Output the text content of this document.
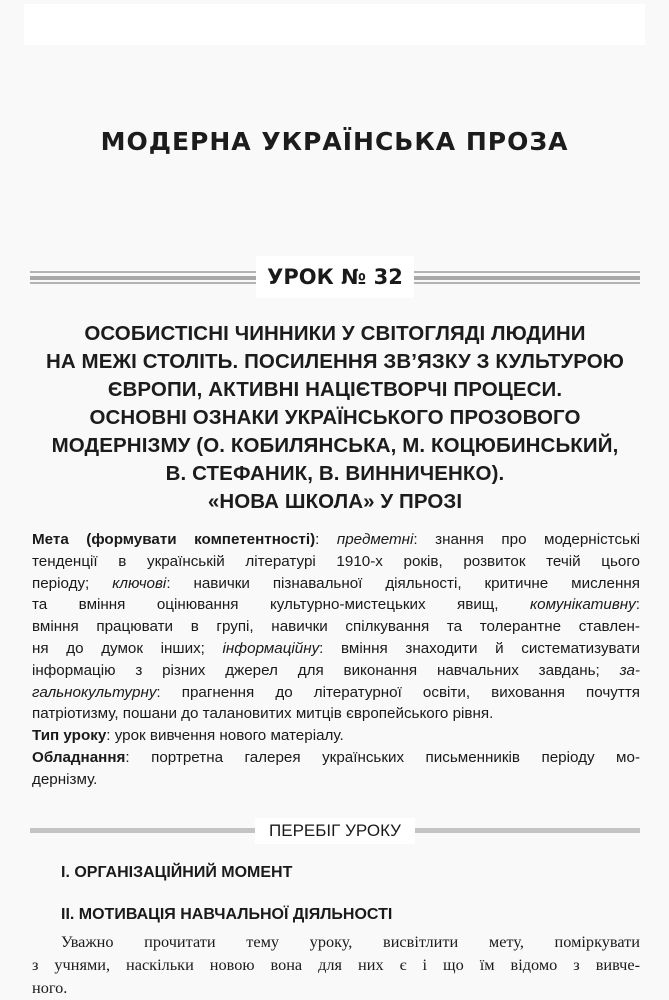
МОДЕРНА УКРАЇНСЬКА ПРОЗА
УРОК № 32
ОСОБИСТІСНІ ЧИННИКИ У СВІТОГЛЯДІ ЛЮДИНИ
НА МЕЖІ СТОЛІТЬ. ПОСИЛЕННЯ ЗВ’ЯЗКУ З КУЛЬТУРОЮ
ЄВРОПИ, АКТИВНІ НАЦІЄТВОРЧІ ПРОЦЕСИ.
ОСНОВНІ ОЗНАКИ УКРАЇНСЬКОГО ПРОЗОВОГО
МОДЕРНІЗМУ (О. КОБИЛЯНСЬКА, М. КОЦЮБИНСЬКИЙ,
В. СТЕФАНИК, В. ВИННИЧЕНКО).
«НОВА ШКОЛА» У ПРОЗІ
Мета (формувати компетентності): предметні: знання про модерністські
тенденції в українській літературі 1910-х років, розвиток течій цього
періоду; ключові: навички пізнавальної діяльності, критичне мислення
та вміння оцінювання культурно-мистецьких явищ, комунікативну:
вміння працювати в групі, навички спілкування та толерантне ставлен-
ня до думок інших; інформаційну: вміння знаходити й систематизувати
інформацію з різних джерел для виконання навчальних завдань; за-
гальнокультурну: прагнення до літературної освіти, виховання почуття
патріотизму, пошани до талановитих митців європейського рівня.
Тип уроку: урок вивчення нового матеріалу.
Обладнання: портретна галерея українських письменників періоду мо-
дернізму.
ПЕРЕБІГ УРОКУ
I. ОРГАНІЗАЦІЙНИЙ МОМЕНТ
II. МОТИВАЦІЯ НАВЧАЛЬНОЇ ДІЯЛЬНОСТІ
Уважно прочитати тему уроку, висвітлити мету, поміркувати
з учнями, наскільки новою вона для них є і що їм відомо з вивче-
ного.
